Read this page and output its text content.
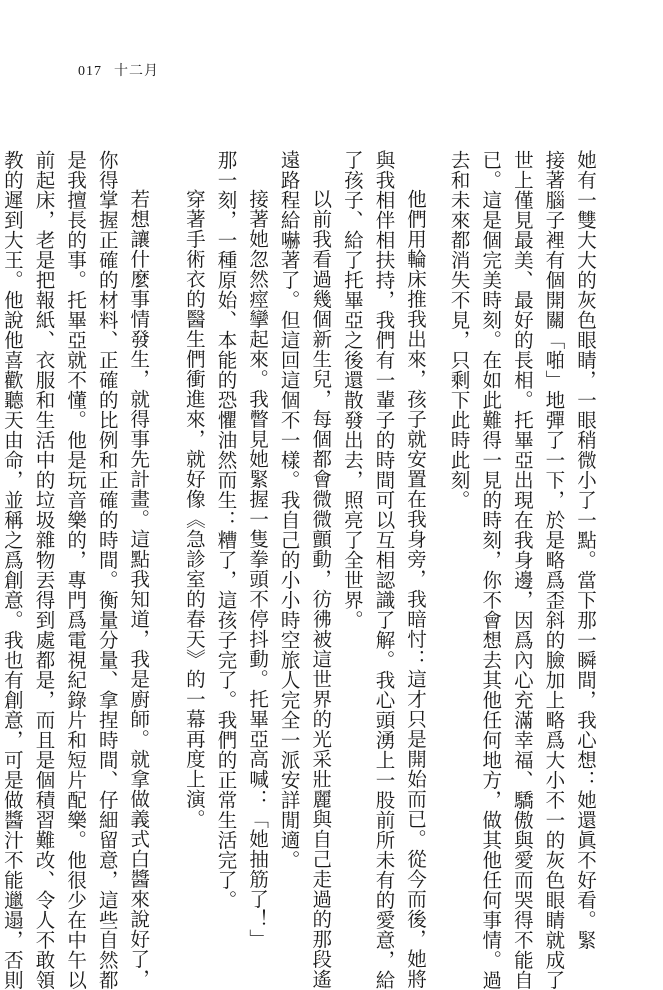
017 十二月
她有一雙大大的灰色眼睛，一眼稍微小了一點。當下那一瞬間，我心想：她還眞不好看。緊
接著腦子裡有個開關「啪」地彈了一下，於是略爲歪斜的臉加上略爲大小不一的灰色眼睛就成了
世上僅見最美、最好的長相。托畢亞出現在我身邊，因爲內心充滿幸福、驕傲與愛而哭得不能自
已。這是個完美時刻。在如此難得一見的時刻，你不會想去其他任何地方，做其他任何事情。過
去和未來都消失不見，只剩下此時此刻。
他們用輪床推我出來，孩子就安置在我身旁，我暗忖：這才只是開始而已。從今而後，她將
與我相伴相扶持，我們有一輩子的時間可以互相認識了解。我心頭湧上一股前所未有的愛意，給
了孩子、給了托畢亞之後還散發出去，照亮了全世界。
以前我看過幾個新生兒，每個都會微微顫動，彷彿被這世界的光采壯麗與自己走過的那段遙
遠路程給嚇著了。但這回這個不一樣。我自己的小小時空旅人完全一派安詳閒適。
接著她忽然痙攣起來。我瞥見她緊握一隻拳頭不停抖動。托畢亞高喊：「她抽筋了！」
那一刻，一種原始、本能的恐懼油然而生：糟了，這孩子完了。我們的正常生活完了。
穿著手術衣的醫生們衝進來，就好像《急診室的春天》的一幕再度上演。
若想讓什麼事情發生，就得事先計畫。這點我知道，我是廚師。就拿做義式白醬來說好了，
你得掌握正確的材料、正確的比例和正確的時間。衡量分量、拿捏時間、仔細留意，這些自然都
是我擅長的事。托畢亞就不懂。他是玩音樂的，專門爲電視紀錄片和短片配樂。他很少在中午以
前起床，老是把報紙、衣服和生活中的垃圾雜物丟得到處都是，而且是個積習難改、令人不敢領
教的遲到大王。他說他喜歡聽天由命，並稱之爲創意。我也有創意，可是做醬汁不能邋遢，否則
